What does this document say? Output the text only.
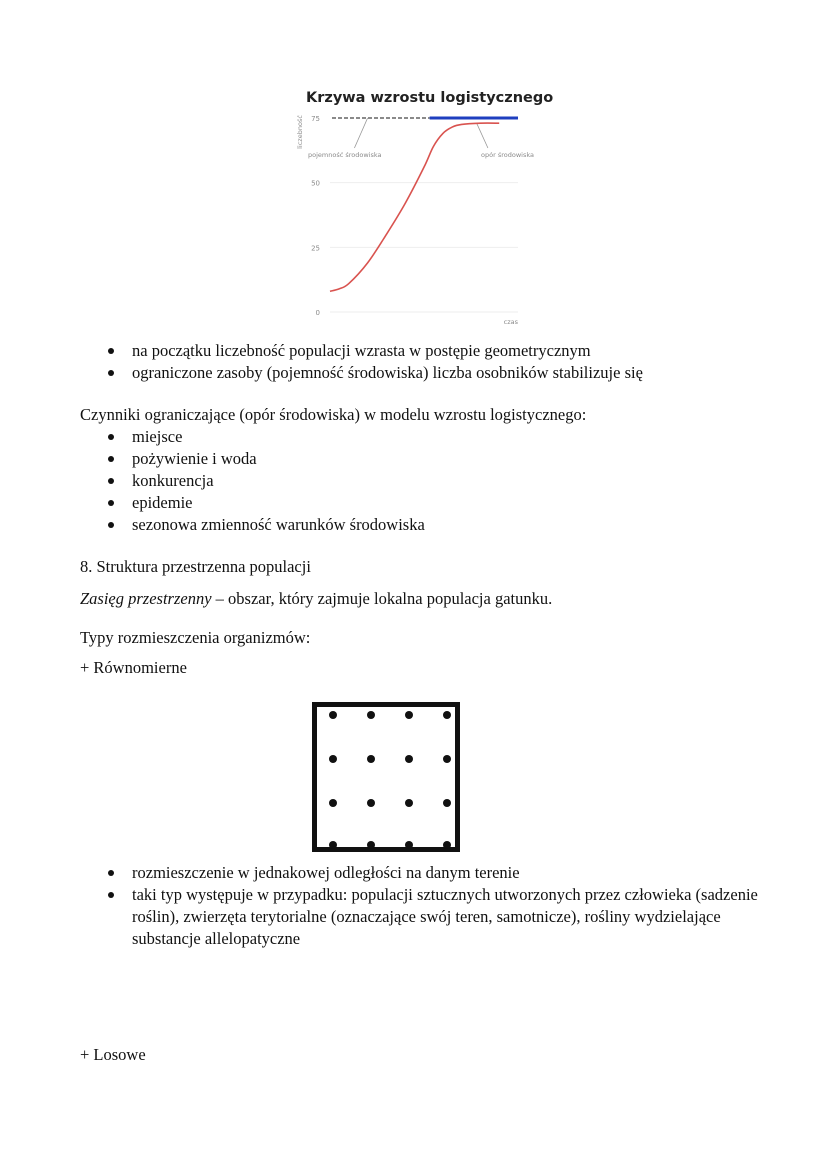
Krzywa wzrostu logistycznego
0
25
50
75
liczebność
czas
pojemność środowiska	opór środowiska
na początku liczebność populacji wzrasta w postępie geometrycznym
ograniczone zasoby (pojemność środowiska) liczba osobników stabilizuje się
Czynniki ograniczające (opór środowiska) w modelu wzrostu logistycznego:
miejsce
pożywienie i woda
konkurencja
epidemie
sezonowa zmienność warunków środowiska
8. Struktura przestrzenna populacji
Zasięg przestrzenny – obszar, który zajmuje lokalna populacja gatunku.
Typy rozmieszczenia organizmów:
+ Równomierne
rozmieszczenie w jednakowej odległości na danym terenie
taki typ występuje w przypadku: populacji sztucznych utworzonych przez człowieka (sadzenie roślin), zwierzęta terytorialne (oznaczające swój teren, samotnicze), rośliny wydzielające substancje allelopatyczne
+ Losowe
